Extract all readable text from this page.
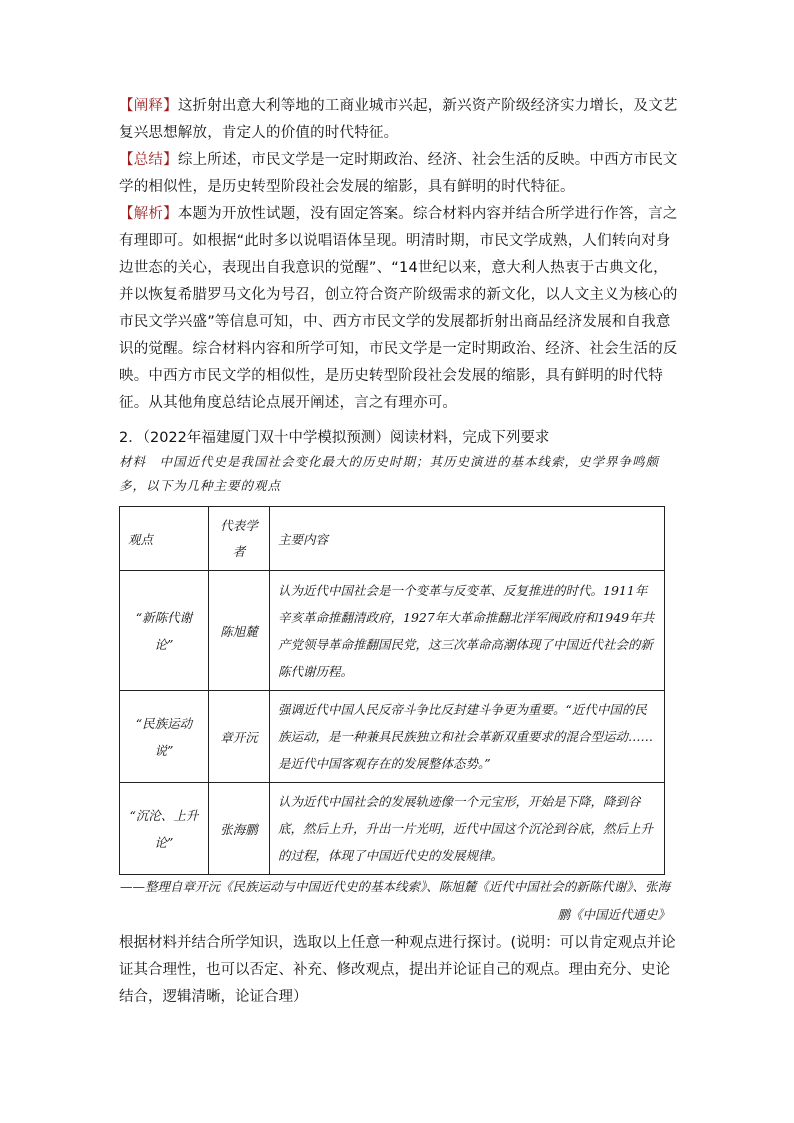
【阐释】这折射出意大利等地的工商业城市兴起，新兴资产阶级经济实力增长，及文艺复兴思想解放，肯定人的价值的时代特征。

【总结】综上所述，市民文学是一定时期政治、经济、社会生活的反映。中西方市民文学的相似性，是历史转型阶段社会发展的缩影，具有鲜明的时代特征。

【解析】本题为开放性试题，没有固定答案。综合材料内容并结合所学进行作答，言之有理即可。如根据“此时多以说唱语体呈现。明清时期，市民文学成熟，人们转向对身边世态的关心，表现出自我意识的觉醒”、“14世纪以来，意大利人热衷于古典文化，并以恢复希腊罗马文化为号召，创立符合资产阶级需求的新文化，以人文主义为核心的市民文学兴盛”等信息可知，中、西方市民文学的发展都折射出商品经济发展和自我意识的觉醒。综合材料内容和所学可知，市民文学是一定时期政治、经济、社会生活的反映。中西方市民文学的相似性，是历史转型阶段社会发展的缩影，具有鲜明的时代特征。从其他角度总结论点展开阐述，言之有理亦可。

2．（2022年福建厦门双十中学模拟预测）阅读材料，完成下列要求

材料　中国近代史是我国社会变化最大的历史时期；其历史演进的基本线索，史学界争鸣颇多，以下为几种主要的观点

观点	代表学者	主要内容
“新陈代谢论”	陈旭麓	认为近代中国社会是一个变革与反变革、反复推进的时代。1911年辛亥革命推翻清政府，1927年大革命推翻北洋军阀政府和1949年共产党领导革命推翻国民党，这三次革命高潮体现了中国近代社会的新陈代谢历程。
“民族运动说”	章开沅	强调近代中国人民反帝斗争比反封建斗争更为重要。“近代中国的民族运动，是一种兼具民族独立和社会革新双重要求的混合型运动……是近代中国客观存在的发展整体态势。”
“沉沦、上升论”	张海鹏	认为近代中国社会的发展轨迹像一个元宝形，开始是下降，降到谷底，然后上升，升出一片光明，近代中国这个沉沦到谷底，然后上升的过程，体现了中国近代史的发展规律。

——整理自章开沅《民族运动与中国近代史的基本线索》、陈旭麓《近代中国社会的新陈代谢》、张海鹏《中国近代通史》

根据材料并结合所学知识，选取以上任意一种观点进行探讨。(说明：可以肯定观点并论证其合理性，也可以否定、补充、修改观点，提出并论证自己的观点。理由充分、史论结合，逻辑清晰，论证合理）
